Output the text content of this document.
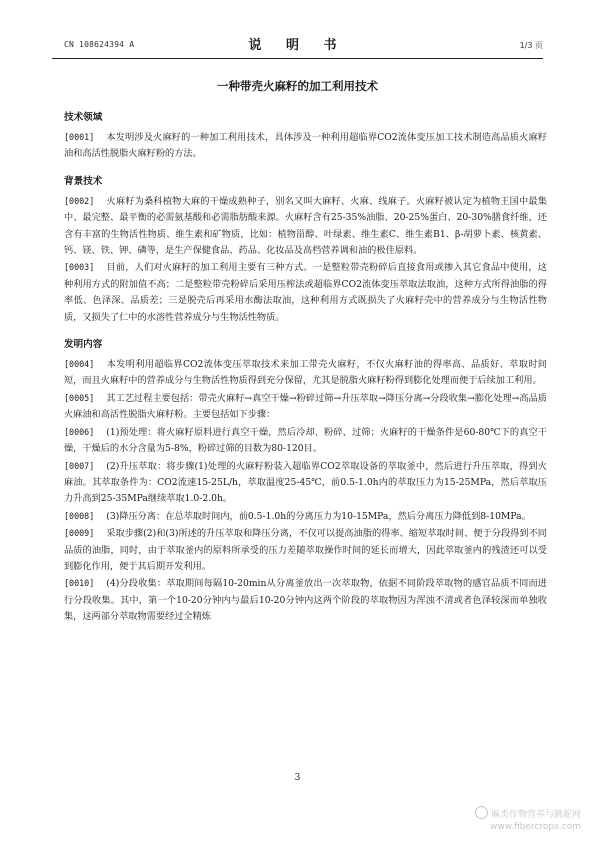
CN 108624394 A	说 明 书	1/3 页
一种带壳火麻籽的加工利用技术
技术领域

[0001] 本发明涉及火麻籽的一种加工利用技术，具体涉及一种利用超临界CO2流体变压加工技术制造高品质火麻籽油和高活性脱脂火麻籽粉的方法。

背景技术

[0002] 火麻籽为桑科植物大麻的干燥成熟种子，别名又叫大麻籽、火麻、线麻子。火麻籽被认定为植物王国中最集中、最完整、最平衡的必需氨基酸和必需脂肪酸来源。火麻籽含有25-35%油脂、20-25%蛋白、20-30%膳食纤维，还含有丰富的生物活性物质、维生素和矿物质，比如：植物甾醇、叶绿素、维生素C、维生素B1、β-胡萝卜素、核黄素、钙、镁、铁、钾、磷等，是生产保健食品、药品、化妆品及高档营养调和油的极佳原料。

[0003] 目前，人们对火麻籽的加工利用主要有三种方式。一是整粒带壳粉碎后直接食用或掺入其它食品中使用，这种利用方式的附加值不高；二是整粒带壳粉碎后采用压榨法或超临界CO2流体变压萃取法取油，这种方式所得油脂的得率低、色泽深、品质差；三是脱壳后再采用水酶法取油，这种利用方式既损失了火麻籽壳中的营养成分与生物活性物质，又损失了仁中的水溶性营养成分与生物活性物质。

发明内容

[0004] 本发明利用超临界CO2流体变压萃取技术来加工带壳火麻籽，不仅火麻籽油的得率高、品质好、萃取时间短，而且火麻籽中的营养成分与生物活性物质得到充分保留，尤其是脱脂火麻籽粉得到膨化处理而便于后续加工利用。

[0005] 其工艺过程主要包括：带壳火麻籽→真空干燥→粉碎过筛→升压萃取→降压分离→分段收集→膨化处理→高品质火麻油和高活性脱脂火麻籽粉。主要包括如下步骤：

[0006] (1)预处理：将火麻籽原料进行真空干燥，然后冷却、粉碎、过筛；火麻籽的干燥条件是60-80℃下的真空干燥，干燥后的水分含量为5-8%，粉碎过筛的目数为80-120目。

[0007] (2)升压萃取：将步骤(1)处理的火麻籽粉装入超临界CO2萃取设备的萃取釜中，然后进行升压萃取，得到火麻油。其萃取条件为：CO2流速15-25L/h，萃取温度25-45℃，前0.5-1.0h内的萃取压力为15-25MPa，然后萃取压力升高到25-35MPa继续萃取1.0-2.0h。

[0008] (3)降压分离：在总萃取时间内，前0.5-1.0h的分离压力为10-15MPa，然后分离压力降低到8-10MPa。

[0009] 采取步骤(2)和(3)所述的升压萃取和降压分离，不仅可以提高油脂的得率、缩短萃取时间、便于分段得到不同品质的油脂，同时，由于萃取釜内的原料所承受的压力差随萃取操作时间的延长而增大，因此萃取釜内的残渣还可以受到膨化作用，便于其后期开发利用。

[0010] (4)分段收集：萃取期间每隔10-20min从分离釜放出一次萃取物，依据不同阶段萃取物的感官品质不同而进行分段收集。其中，第一个10-20分钟内与最后10-20分钟内这两个阶段的萃取物因为浑浊不清或者色泽较深而单独收集，这两部分萃取物需要经过全精炼

3
麻类作物营养与跳舵网
www.fibercrops.com
